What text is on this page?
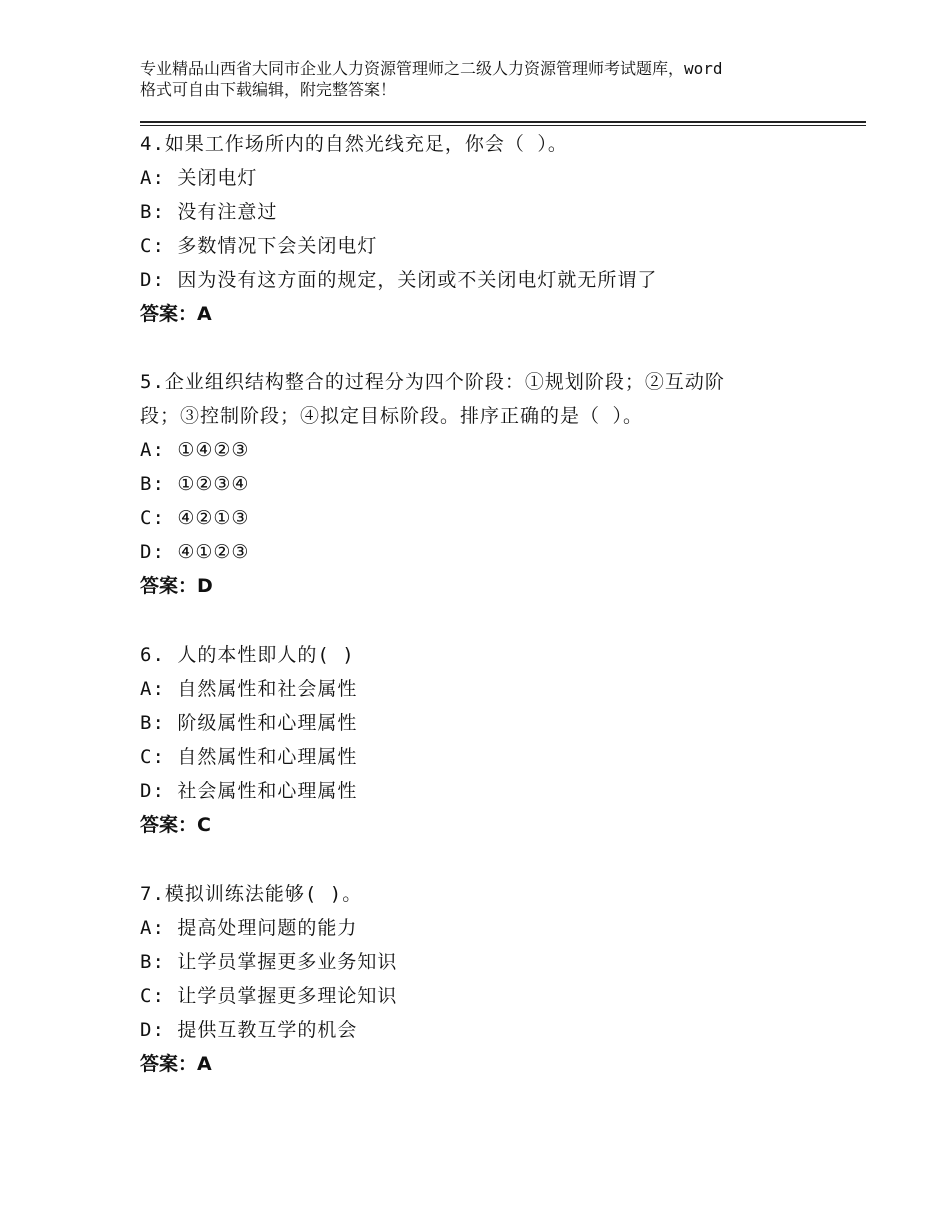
专业精品山西省大同市企业人力资源管理师之二级人力资源管理师考试题库，word
格式可自由下载编辑，附完整答案！
4.如果工作场所内的自然光线充足，你会（ ）。
A: 关闭电灯
B: 没有注意过
C: 多数情况下会关闭电灯
D: 因为没有这方面的规定，关闭或不关闭电灯就无所谓了
答案：A
5.企业组织结构整合的过程分为四个阶段：①规划阶段；②互动阶
段；③控制阶段；④拟定目标阶段。排序正确的是（ ）。
A: ①④②③
B: ①②③④
C: ④②①③
D: ④①②③
答案：D
6. 人的本性即人的( )
A: 自然属性和社会属性
B: 阶级属性和心理属性
C: 自然属性和心理属性
D: 社会属性和心理属性
答案：C
7.模拟训练法能够( )。
A: 提高处理问题的能力
B: 让学员掌握更多业务知识
C: 让学员掌握更多理论知识
D: 提供互教互学的机会
答案：A
